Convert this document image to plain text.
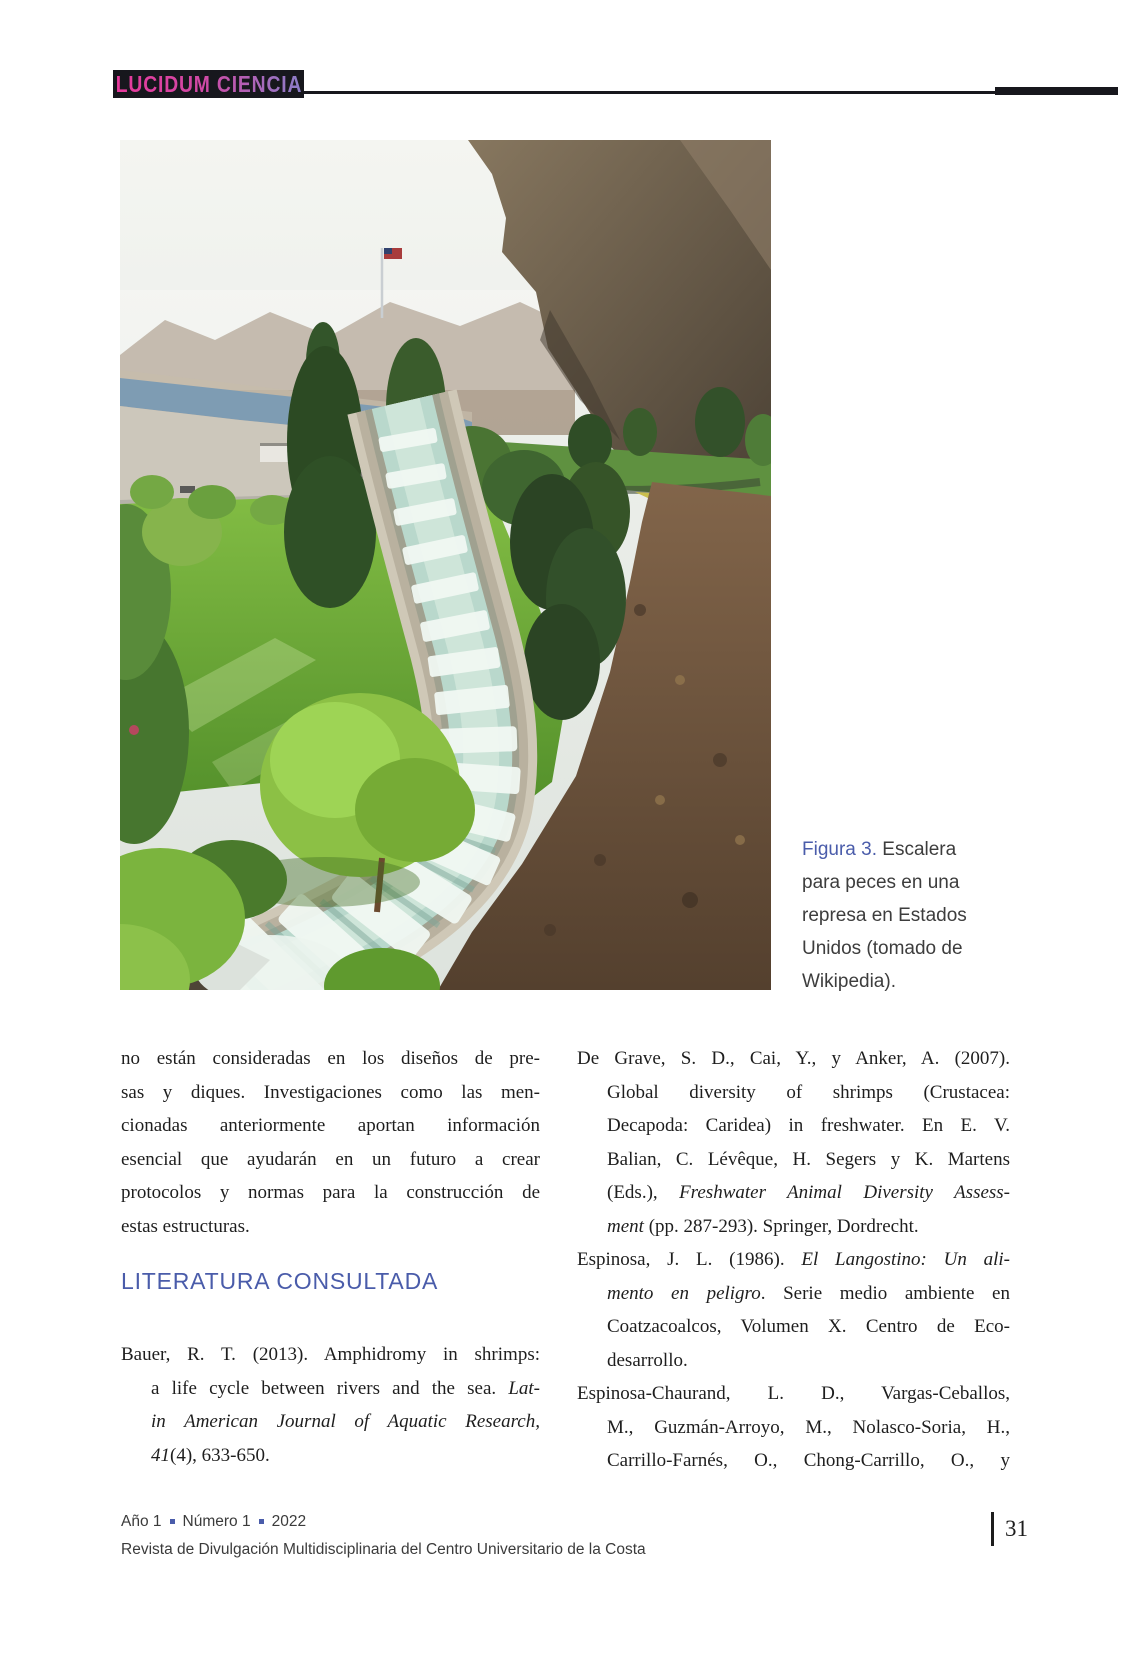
LUCIDUM CIENCIA
Figura 3. Escalera
para peces en una
represa en Estados
Unidos (tomado de
Wikipedia).
no están consideradas en los diseños de pre-
sas y diques. Investigaciones como las men-
cionadas anteriormente aportan información
esencial que ayudarán en un futuro a crear
protocolos y normas para la construcción de
estas estructuras.
LITERATURA CONSULTADA
Bauer, R. T. (2013). Amphidromy in shrimps:
a life cycle between rivers and the sea. Lat-
in American Journal of Aquatic Research,
41(4), 633-650.
De Grave, S. D., Cai, Y., y Anker, A. (2007).
Global diversity of shrimps (Crustacea:
Decapoda: Caridea) in freshwater. En E. V.
Balian, C. Lévêque, H. Segers y K. Martens
(Eds.), Freshwater Animal Diversity Assess-
ment (pp. 287-293). Springer, Dordrecht.
Espinosa, J. L. (1986). El Langostino: Un ali-
mento en peligro. Serie medio ambiente en
Coatzacoalcos, Volumen X. Centro de Eco-
desarrollo.
Espinosa-Chaurand, L. D., Vargas-Ceballos,
M., Guzmán-Arroyo, M., Nolasco-Soria, H.,
Carrillo-Farnés, O., Chong-Carrillo, O., y
Año 1 Número 1 2022
Revista de Divulgación Multidisciplinaria del Centro Universitario de la Costa
31
